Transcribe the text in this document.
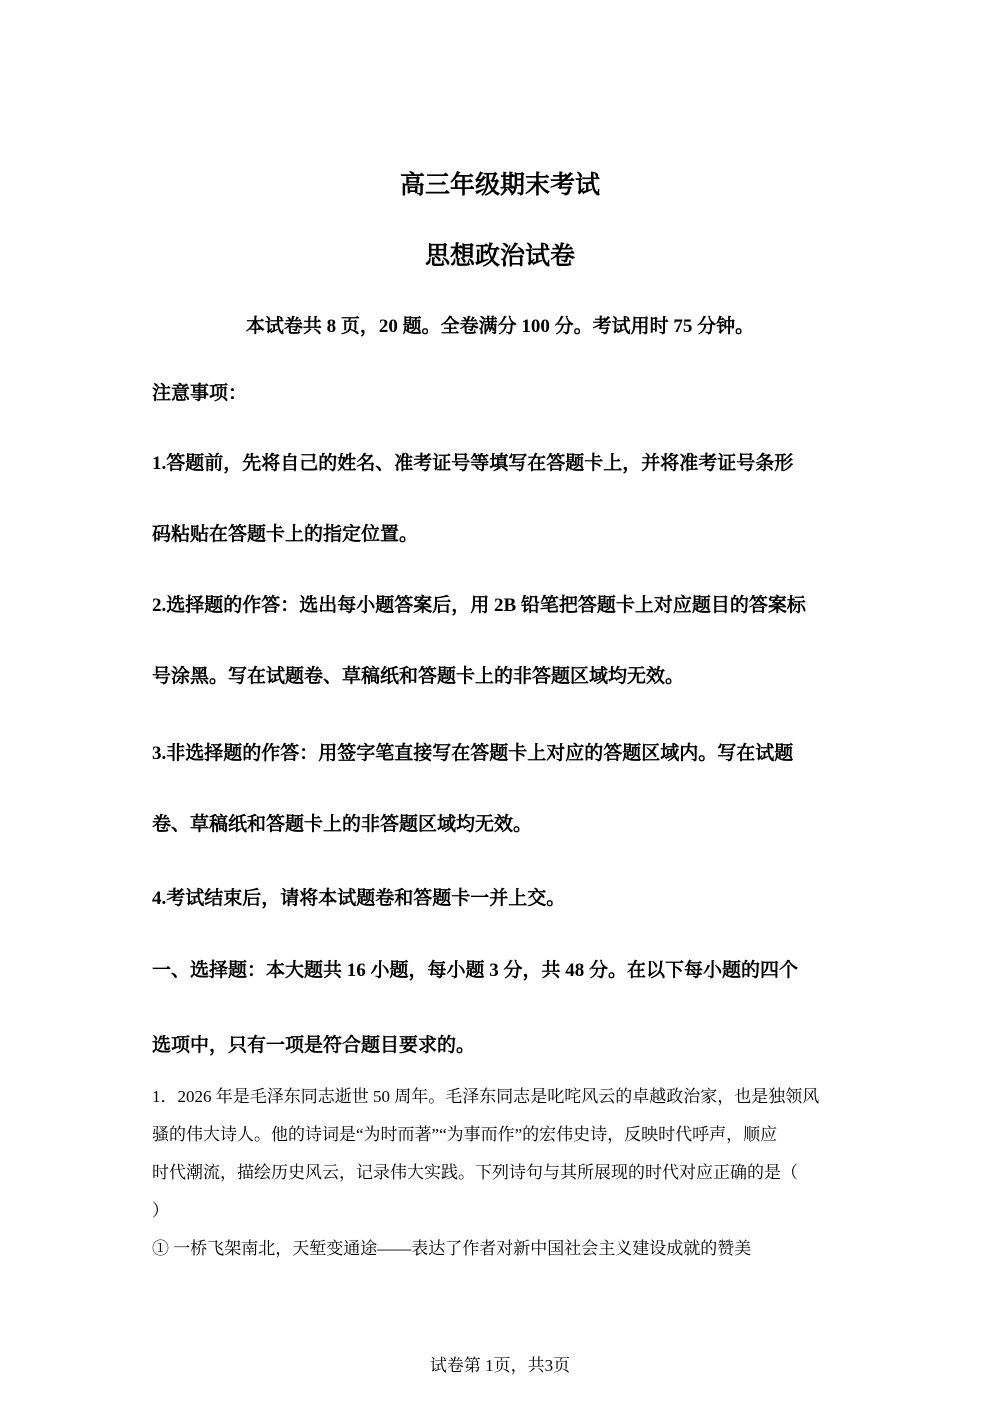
高三年级期末考试
思想政治试卷
本试卷共 8 页，20 题。全卷满分 100 分。考试用时 75 分钟。
注意事项：
1.答题前，先将自己的姓名、准考证号等填写在答题卡上，并将准考证号条形
码粘贴在答题卡上的指定位置。
2.选择题的作答：选出每小题答案后，用 2B 铅笔把答题卡上对应题目的答案标
号涂黑。写在试题卷、草稿纸和答题卡上的非答题区域均无效。
3.非选择题的作答：用签字笔直接写在答题卡上对应的答题区域内。写在试题
卷、草稿纸和答题卡上的非答题区域均无效。
4.考试结束后，请将本试题卷和答题卡一并上交。
一、选择题：本大题共 16 小题，每小题 3 分，共 48 分。在以下每小题的四个
选项中，只有一项是符合题目要求的。
1．2026 年是毛泽东同志逝世 50 周年。毛泽东同志是叱咤风云的卓越政治家，也是独领风
骚的伟大诗人。他的诗词是“为时而著”“为事而作”的宏伟史诗，反映时代呼声，顺应
时代潮流，描绘历史风云，记录伟大实践。下列诗句与其所展现的时代对应正确的是（
）
① 一桥飞架南北，天堑变通途——表达了作者对新中国社会主义建设成就的赞美
试卷第 1页，共3页
